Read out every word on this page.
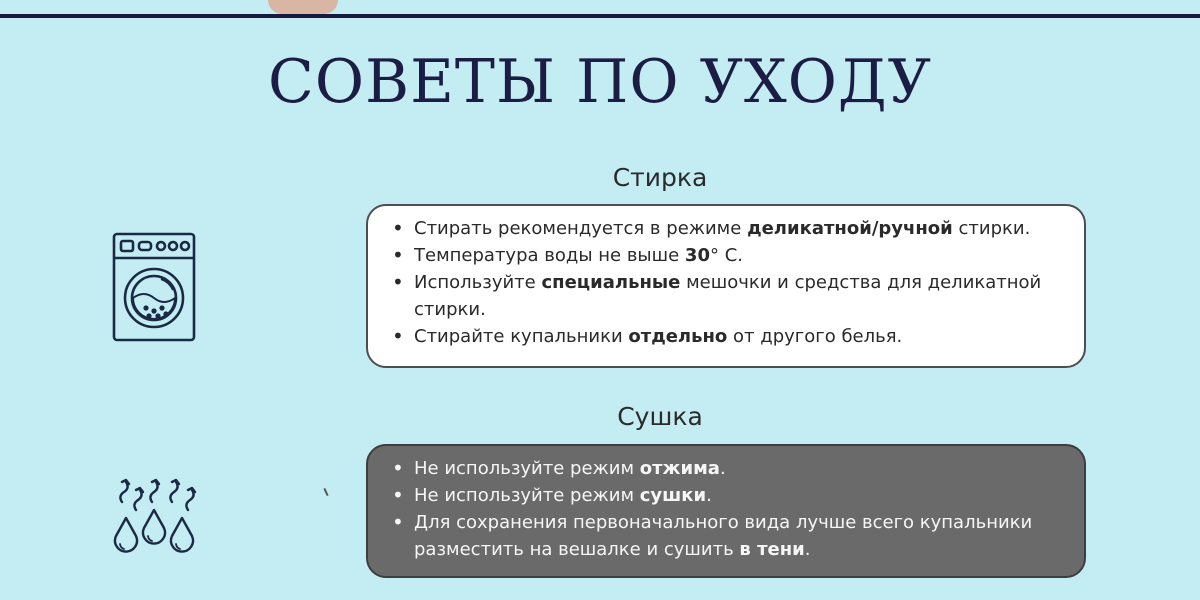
СОВЕТЫ ПО УХОДУ
Стирка
• Стирать рекомендуется в режиме деликатной/ручной стирки.
• Температура воды не выше 30° С.
• Используйте специальные мешочки и средства для деликатной стирки.
• Стирайте купальники отдельно от другого белья.
Сушка
• Не используйте режим отжима.
• Не используйте режим сушки.
• Для сохранения первоначального вида лучше всего купальники разместить на вешалке и сушить в тени.
